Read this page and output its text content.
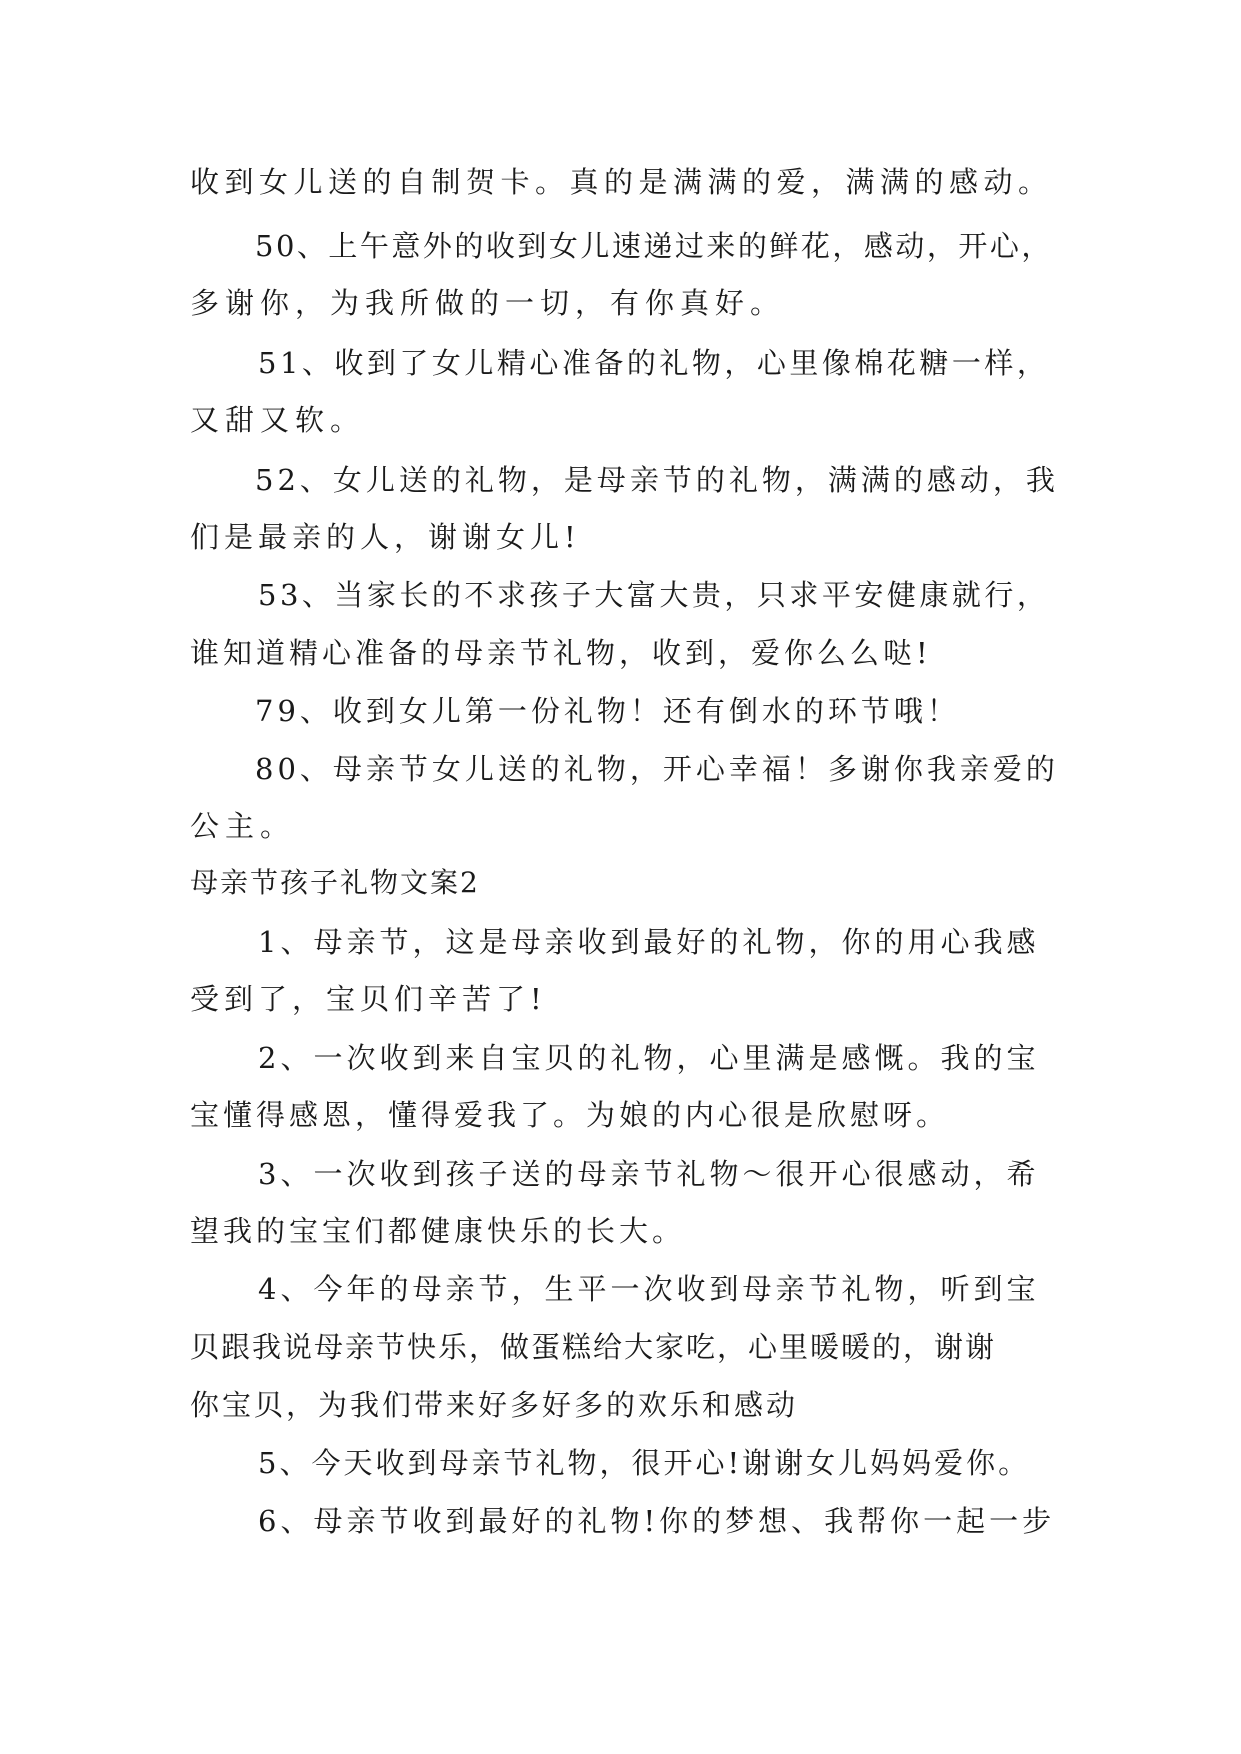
收到女儿送的自制贺卡。真的是满满的爱，满满的感动。
50、上午意外的收到女儿速递过来的鲜花，感动，开心，
多谢你，为我所做的一切，有你真好。
51、收到了女儿精心准备的礼物，心里像棉花糖一样，
又甜又软。
52、女儿送的礼物，是母亲节的礼物，满满的感动，我
们是最亲的人，谢谢女儿!
53、当家长的不求孩子大富大贵，只求平安健康就行，
谁知道精心准备的母亲节礼物，收到，爱你么么哒!
79、收到女儿第一份礼物！还有倒水的环节哦！
80、母亲节女儿送的礼物，开心幸福！多谢你我亲爱的
公主。
母亲节孩子礼物文案2
1、母亲节，这是母亲收到最好的礼物，你的用心我感
受到了，宝贝们辛苦了!
2、一次收到来自宝贝的礼物，心里满是感慨。我的宝
宝懂得感恩，懂得爱我了。为娘的内心很是欣慰呀。
3、一次收到孩子送的母亲节礼物～很开心很感动，希
望我的宝宝们都健康快乐的长大。
4、今年的母亲节，生平一次收到母亲节礼物，听到宝
贝跟我说母亲节快乐，做蛋糕给大家吃，心里暖暖的，谢谢
你宝贝，为我们带来好多好多的欢乐和感动
5、今天收到母亲节礼物，很开心!谢谢女儿妈妈爱你。
6、母亲节收到最好的礼物!你的梦想、我帮你一起一步
